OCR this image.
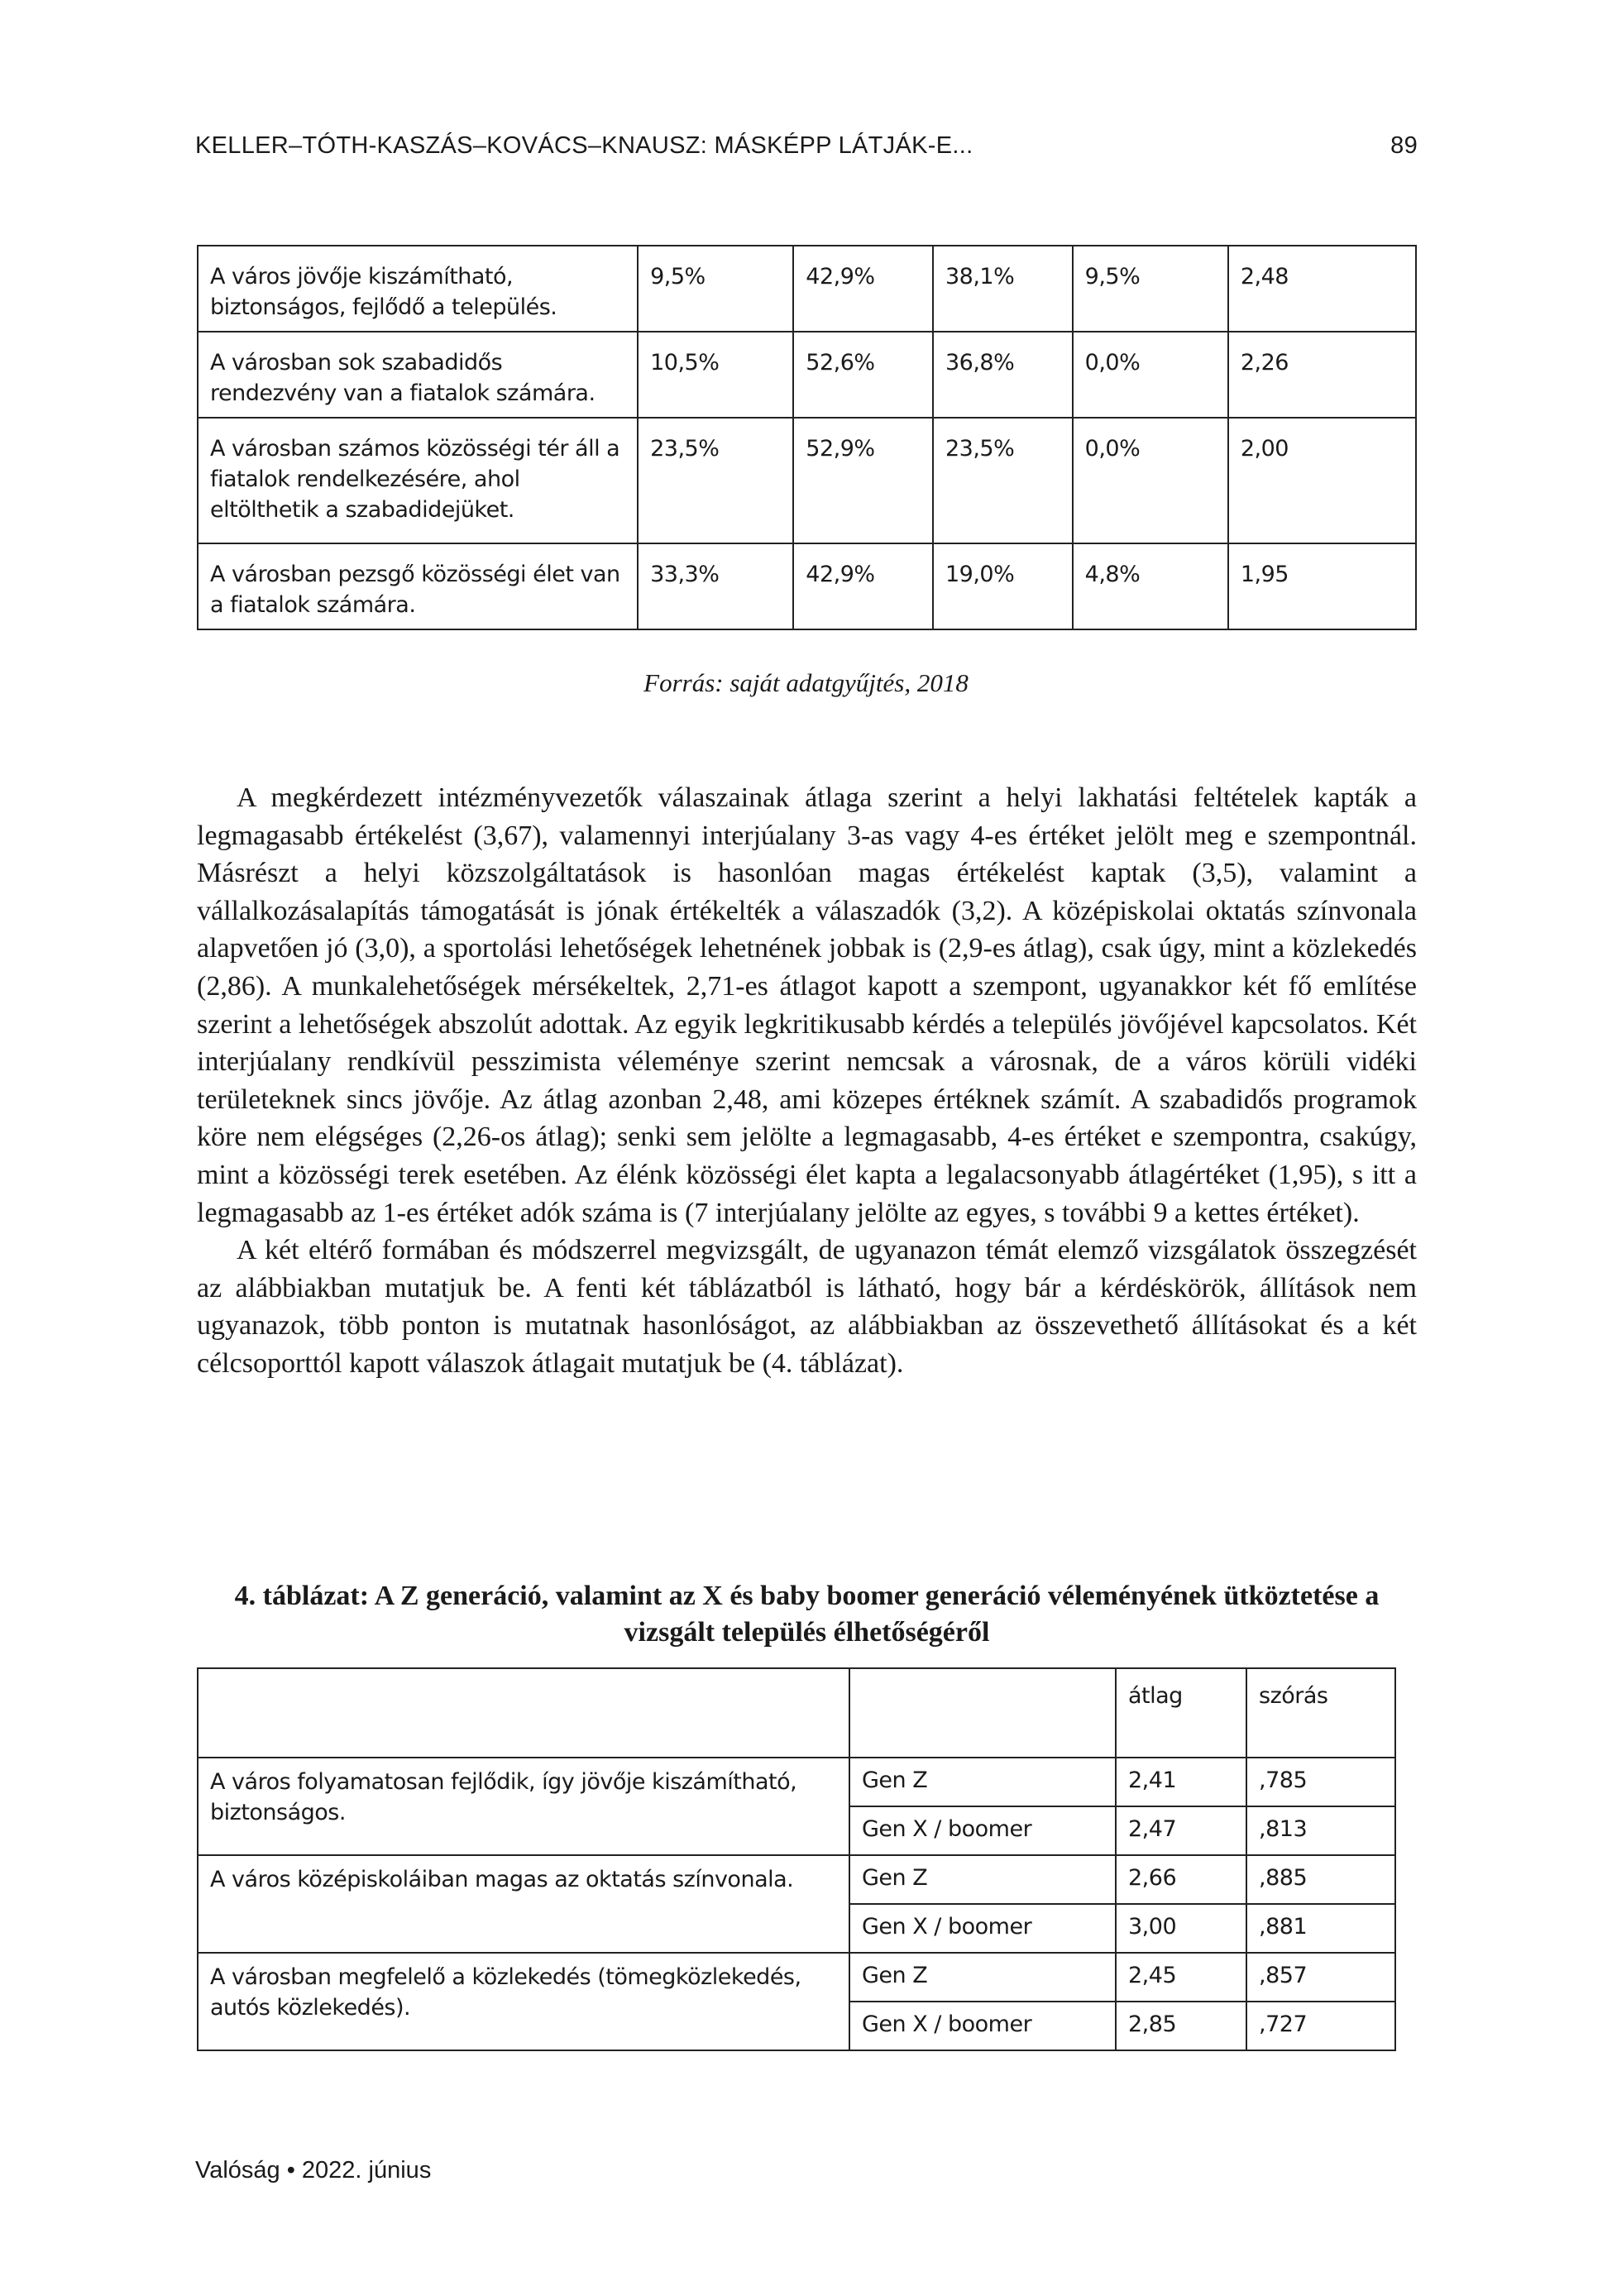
KELLER–TÓTH-KASZÁS–KOVÁCS–KNAUSZ: MÁSKÉPP LÁTJÁK-E...	89
A város jövője kiszámítható, biztonságos, fejlődő a település.	9,5%	42,9%	38,1%	9,5%	2,48
A városban sok szabadidős rendezvény van a fiatalok számára.	10,5%	52,6%	36,8%	0,0%	2,26
A városban számos közösségi tér áll a fiatalok rendelkezésére, ahol eltölthetik a szabadidejüket.	23,5%	52,9%	23,5%	0,0%	2,00
A városban pezsgő közösségi élet van a fiatalok számára.	33,3%	42,9%	19,0%	4,8%	1,95
Forrás: saját adatgyűjtés, 2018

A megkérdezett intézményvezetők válaszainak átlaga szerint a helyi lakhatási feltételek kapták a legmagasabb értékelést (3,67), valamennyi interjúalany 3-as vagy 4-es értéket jelölt meg e szempontnál. Másrészt a helyi közszolgáltatások is hasonlóan magas értékelést kaptak (3,5), valamint a vállalkozásalapítás támogatását is jónak értékelték a válaszadók (3,2). A középiskolai oktatás színvonala alapvetően jó (3,0), a sportolási lehetőségek lehetnének jobbak is (2,9-es átlag), csak úgy, mint a közlekedés (2,86). A munkalehetőségek mérsékeltek, 2,71-es átlagot kapott a szempont, ugyanakkor két fő említése szerint a lehetőségek abszolút adottak. Az egyik legkritikusabb kérdés a település jövőjével kapcsolatos. Két interjúalany rendkívül pesszimista véleménye szerint nemcsak a városnak, de a város körüli vidéki területeknek sincs jövője. Az átlag azonban 2,48, ami közepes értéknek számít. A szabadidős programok köre nem elégséges (2,26-os átlag); senki sem jelölte a legmagasabb, 4-es értéket e szempontra, csakúgy, mint a közösségi terek esetében. Az élénk közösségi élet kapta a legalacsonyabb átlagértéket (1,95), s itt a legmagasabb az 1-es értéket adók száma is (7 interjúalany jelölte az egyes, s további 9 a kettes értéket).

A két eltérő formában és módszerrel megvizsgált, de ugyanazon témát elemző vizsgálatok összegzését az alábbiakban mutatjuk be. A fenti két táblázatból is látható, hogy bár a kérdéskörök, állítások nem ugyanazok, több ponton is mutatnak hasonlóságot, az alábbiakban az összevethető állításokat és a két célcsoporttól kapott válaszok átlagait mutatjuk be (4. táblázat).

4. táblázat: A Z generáció, valamint az X és baby boomer generáció véleményének ütköztetése a vizsgált település élhetőségéről
		átlag	szórás
A város folyamatosan fejlődik, így jövője kiszámítható, biztonságos.	Gen Z	2,41	,785
	Gen X / boomer	2,47	,813
A város középiskoláiban magas az oktatás színvonala.	Gen Z	2,66	,885
	Gen X / boomer	3,00	,881
A városban megfelelő a közlekedés (tömegközlekedés, autós közlekedés).	Gen Z	2,45	,857
	Gen X / boomer	2,85	,727
Valóság • 2022. június
